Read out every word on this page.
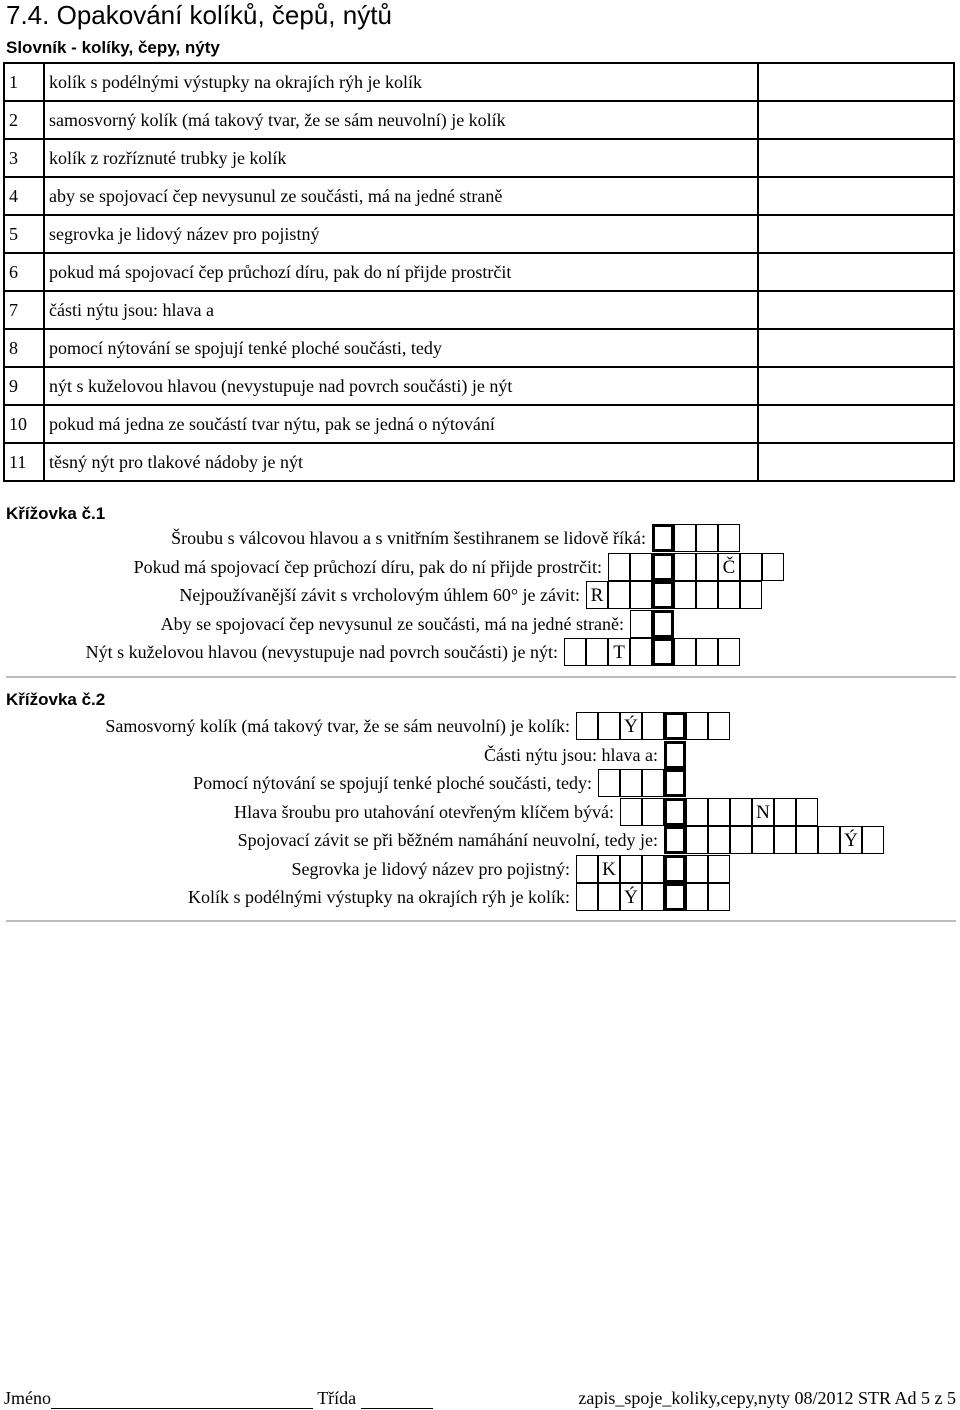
7.4. Opakování kolíků, čepů, nýtů
Slovník - kolíky, čepy, nýty
1	kolík s podélnými výstupky na okrajích rýh je kolík	
2	samosvorný kolík (má takový tvar, že se sám neuvolní) je kolík	
3	kolík z rozříznuté trubky je kolík	
4	aby se spojovací čep nevysunul ze součásti, má na jedné straně	
5	segrovka je lidový název pro pojistný	
6	pokud má spojovací čep průchozí díru, pak do ní přijde prostrčit	
7	části nýtu jsou: hlava a	
8	pomocí nýtování se spojují tenké ploché součásti, tedy	
9	nýt s kuželovou hlavou (nevystupuje nad povrch součásti) je nýt	
10	pokud má jedna ze součástí tvar nýtu, pak se jedná o nýtování	
11	těsný nýt pro tlakové nádoby je nýt	
Křížovka č.1
Šroubu s válcovou hlavou a s vnitřním šestihranem se lidově říká:
Pokud má spojovací čep průchozí díru, pak do ní přijde prostrčit:	Č
Nejpoužívanější závit s vrcholovým úhlem 60° je závit: R
Aby se spojovací čep nevysunul ze součásti, má na jedné straně:
Nýt s kuželovou hlavou (nevystupuje nad povrch součásti) je nýt:	T
Křížovka č.2
Samosvorný kolík (má takový tvar, že se sám neuvolní) je kolík:	Ý
Části nýtu jsou: hlava a:
Pomocí nýtování se spojují tenké ploché součásti, tedy:
Hlava šroubu pro utahování otevřeným klíčem bývá:	N
Spojovací závit se při běžném namáhání neuvolní, tedy je:	Ý
Segrovka je lidový název pro pojistný: K
Kolík s podélnými výstupky na okrajích rýh je kolík:	Ý
Jméno	Třída	zapis_spoje_koliky,cepy,nyty 08/2012 STR Ad 5 z 5
